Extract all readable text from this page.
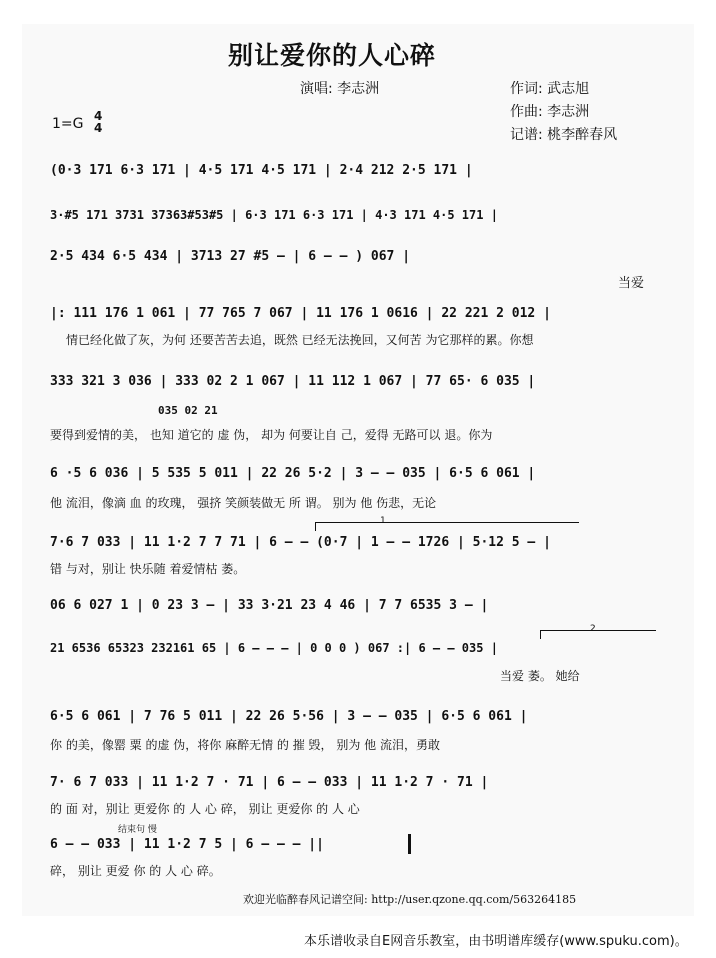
别让爱你的人心碎
演唱: 李志洲	作词: 武志旭
作曲: 李志洲
记谱: 桃李醉春风
1=G 4
4
(0·3 171 6·3 171 | 4·5 171 4·5 171 | 2·4 212 2·5 171 |
3·#5 171 3731 37363#53#5 | 6·3 171 6·3 171 | 4·3 171 4·5 171 |
2·5 434 6·5 434 | 3713 27 #5 – | 6 – – ) 067 |
当爱
|: 111 176 1 061 | 77 765 7 067 | 11 176 1 0616 | 22 221 2 012 |
情已经化做了灰，为何 还要苦苦去追，既然 已经无法挽回，又何苦 为它那样的累。你想
333 321 3 036 | 333 02 2 1 067 | 11 112 1 067 | 77 65· 6 035 |
035 02 21
要得到爱情的美， 也知 道它的 虚 伪， 却为 何要让自 己，爱得 无路可以 退。你为
6 ·5 6 036 | 5 535 5 011 | 22 26 5·2 | 3 – – 035 | 6·5 6 061 |
他 流泪，像滴 血 的玫瑰， 强挤 笑颜装做无 所 谓。 别为 他 伤悲，无论
1
7·6 7 033 | 11 1·2 7 7 71 | 6 – – (0·7 | 1 – – 1726 | 5·12 5 – |
错 与对，别让 快乐随 着爱情枯 萎。
06 6 027 1 | 0 23 3 – | 33 3·21 23 4 46 | 7 7 6535 3 – |
2
21 6536 65323 232161 65 | 6 – – – | 0 0 0 ) 067 :| 6 – – 035 |
当爱 萎。 她给
6·5 6 061 | 7 76 5 011 | 22 26 5·56 | 3 – – 035 | 6·5 6 061 |
你 的美，像罂 粟 的虚 伪，将你 麻醉无情 的 摧 毁， 别为 他 流泪，勇敢
7· 6 7 033 | 11 1·2 7 · 71 | 6 – – 033 | 11 1·2 7 · 71 |
的 面 对，别让 更爱你 的 人 心 碎， 别让 更爱你 的 人 心
结束句 慢
6 – – 033 | 11 1·2 7 5 | 6 – – – ||
碎， 别让 更爱 你 的 人 心 碎。
欢迎光临醉春风记谱空间: http://user.qzone.qq.com/563264185
本乐谱收录自E网音乐教室，由书明谱库缓存(www.spuku.com)。
